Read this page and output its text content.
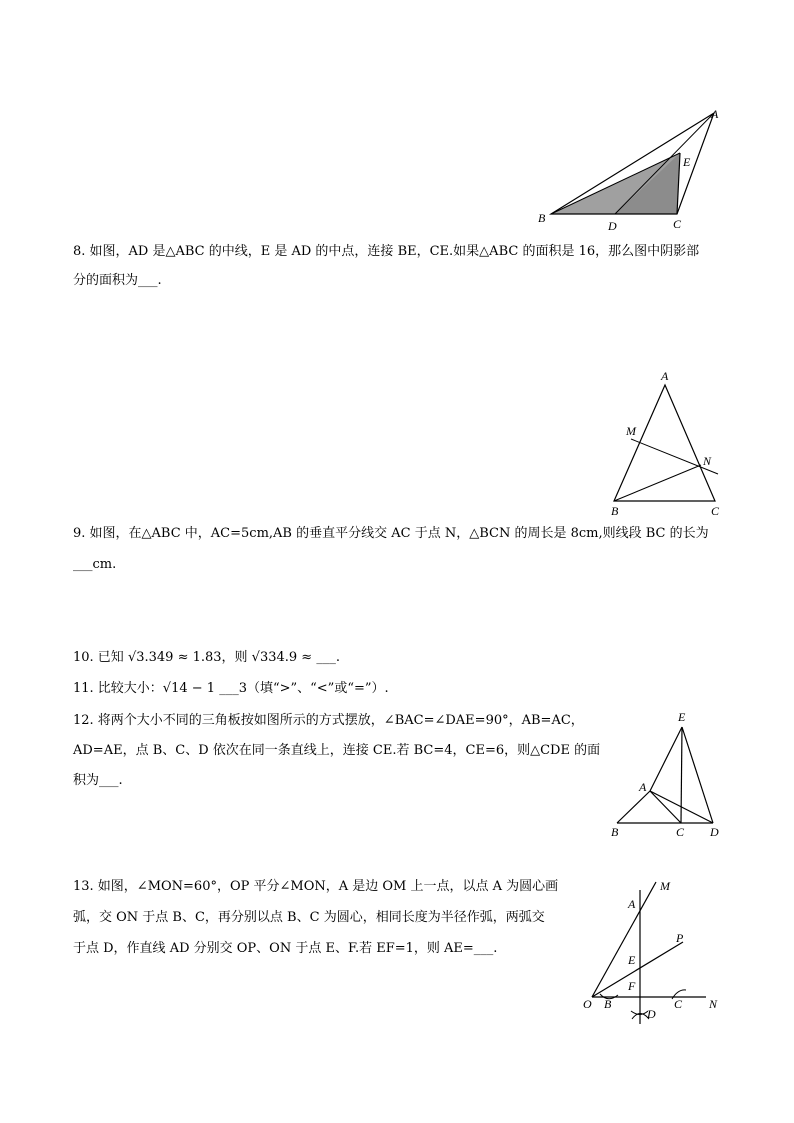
A
B	C
D
E
8. 如图，AD 是△ABC 的中线，E 是 AD 的中点，连接 BE，CE.如果△ABC 的面积是 16，那么图中阴影部
分的面积为___.
A
M
N
B	C
9. 如图，在△ABC 中，AC=5cm,AB 的垂直平分线交 AC 于点 N，△BCN 的周长是 8cm,则线段 BC 的长为
___cm.
10. 已知 √3.349 ≈ 1.83，则 √334.9 ≈ ___.
11. 比较大小：√14 − 1 ___3（填“>”、“<”或“=”）.
12. 将两个大小不同的三角板按如图所示的方式摆放，∠BAC=∠DAE=90°，AB=AC，
AD=AE，点 B、C、D 依次在同一条直线上，连接 CE.若 BC=4，CE=6，则△CDE 的面
积为___.
E
A
B	C D
13. 如图，∠MON=60°，OP 平分∠MON，A 是边 OM 上一点，以点 A 为圆心画
弧，交 ON 于点 B、C，再分别以点 B、C 为圆心，相同长度为半径作弧，两弧交
于点 D，作直线 AD 分别交 OP、ON 于点 E、F.若 EF=1，则 AE=___.
M
A
P
E
F
O B	C N
D
